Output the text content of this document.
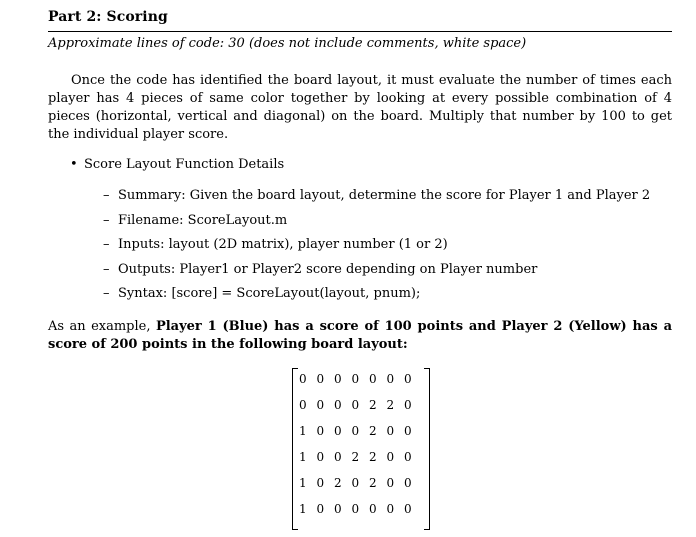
Part 2: Scoring
Approximate lines of code: 30 (does not include comments, white space)

Once the code has identified the board layout, it must evaluate the number of times each player has 4 pieces of same color together by looking at every possible combination of 4 pieces (horizontal, vertical and diagonal) on the board. Multiply that number by 100 to get the individual player score.

• Score Layout Function Details
– Summary: Given the board layout, determine the score for Player 1 and Player 2
– Filename: ScoreLayout.m
– Inputs: layout (2D matrix), player number (1 or 2)
– Outputs: Player1 or Player2 score depending on Player number
– Syntax: [score] = ScoreLayout(layout, pnum);

As an example, Player 1 (Blue) has a score of 100 points and Player 2 (Yellow) has a score of 200 points in the following board layout:

0 0 0 0 0 0 0
0 0 0 0 2 2 0
1 0 0 0 2 0 0
1 0 0 2 2 0 0
1 0 2 0 2 0 0
1 0 0 0 0 0 0
